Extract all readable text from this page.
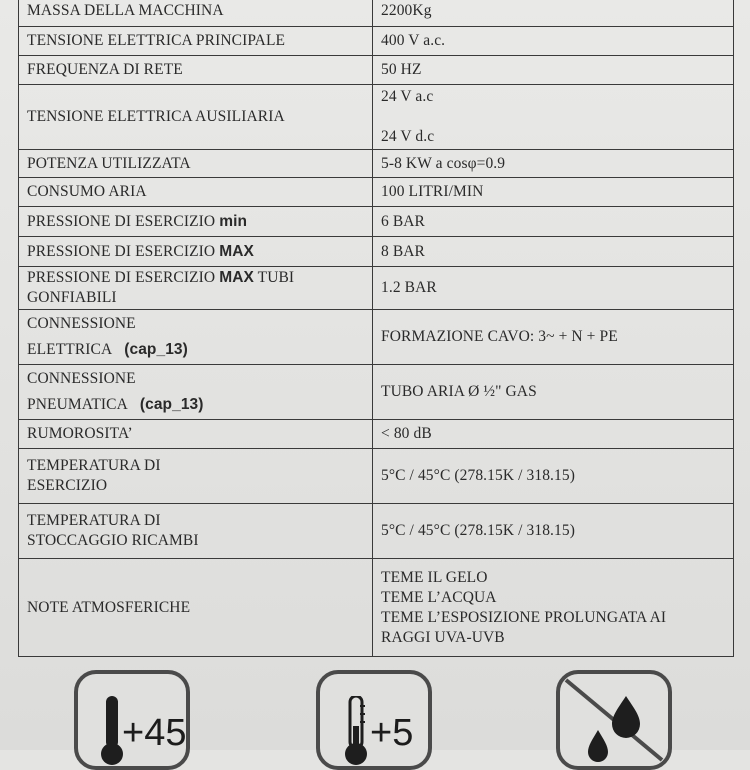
MASSA DELLA MACCHINA	2200Kg
TENSIONE ELETTRICA PRINCIPALE	400 V a.c.
FREQUENZA DI RETE	50 HZ
TENSIONE ELETTRICA AUSILIARIA	24 V a.c
24 V d.c
POTENZA UTILIZZATA	5-8 KW a cosφ=0.9
CONSUMO ARIA	100 LITRI/MIN
PRESSIONE DI ESERCIZIO min	6 BAR
PRESSIONE DI ESERCIZIO MAX	8 BAR
PRESSIONE DI ESERCIZIO MAX TUBI
GONFIABILI	1.2 BAR
CONNESSIONE
ELETTRICA (cap_13)	FORMAZIONE CAVO: 3~ + N + PE
CONNESSIONE
PNEUMATICA (cap_13)	TUBO ARIA Ø ½" GAS
RUMOROSITA’	< 80 dB
TEMPERATURA DI
ESERCIZIO	5°C / 45°C (278.15K / 318.15)
TEMPERATURA DI
STOCCAGGIO RICAMBI	5°C / 45°C (278.15K / 318.15)
NOTE ATMOSFERICHE	TEME IL GELO
TEME L’ACQUA
TEME L’ESPOSIZIONE PROLUNGATA AI
RAGGI UVA-UVB
+45	+5
